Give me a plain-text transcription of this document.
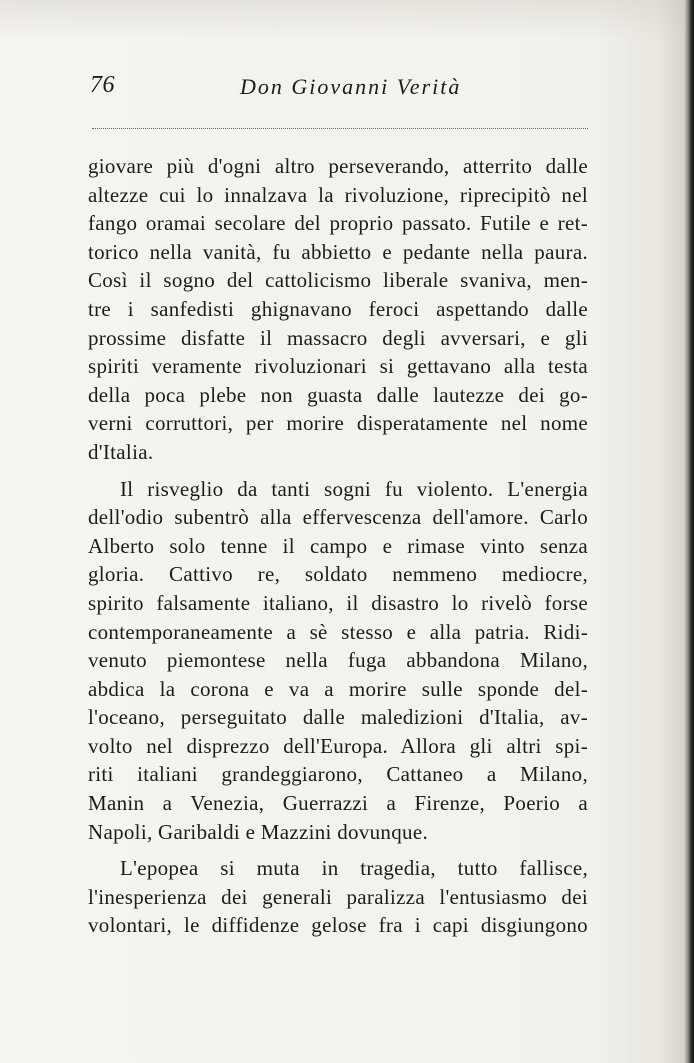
76	Don Giovanni Verità
giovare più d'ogni altro perseverando, atterrito dalle
altezze cui lo innalzava la rivoluzione, riprecipitò nel
fango oramai secolare del proprio passato. Futile e ret-
torico nella vanità, fu abbietto e pedante nella paura.
Così il sogno del cattolicismo liberale svaniva, men-
tre i sanfedisti ghignavano feroci aspettando dalle
prossime disfatte il massacro degli avversari, e gli
spiriti veramente rivoluzionari si gettavano alla testa
della poca plebe non guasta dalle lautezze dei go-
verni corruttori, per morire disperatamente nel nome
d'Italia.
Il risveglio da tanti sogni fu violento. L'energia
dell'odio subentrò alla effervescenza dell'amore. Carlo
Alberto solo tenne il campo e rimase vinto senza
gloria. Cattivo re, soldato nemmeno mediocre,
spirito falsamente italiano, il disastro lo rivelò forse
contemporaneamente a sè stesso e alla patria. Ridi-
venuto piemontese nella fuga abbandona Milano,
abdica la corona e va a morire sulle sponde del-
l'oceano, perseguitato dalle maledizioni d'Italia, av-
volto nel disprezzo dell'Europa. Allora gli altri spi-
riti italiani grandeggiarono, Cattaneo a Milano,
Manin a Venezia, Guerrazzi a Firenze, Poerio a
Napoli, Garibaldi e Mazzini dovunque.
L'epopea si muta in tragedia, tutto fallisce,
l'inesperienza dei generali paralizza l'entusiasmo dei
volontari, le diffidenze gelose fra i capi disgiungono
